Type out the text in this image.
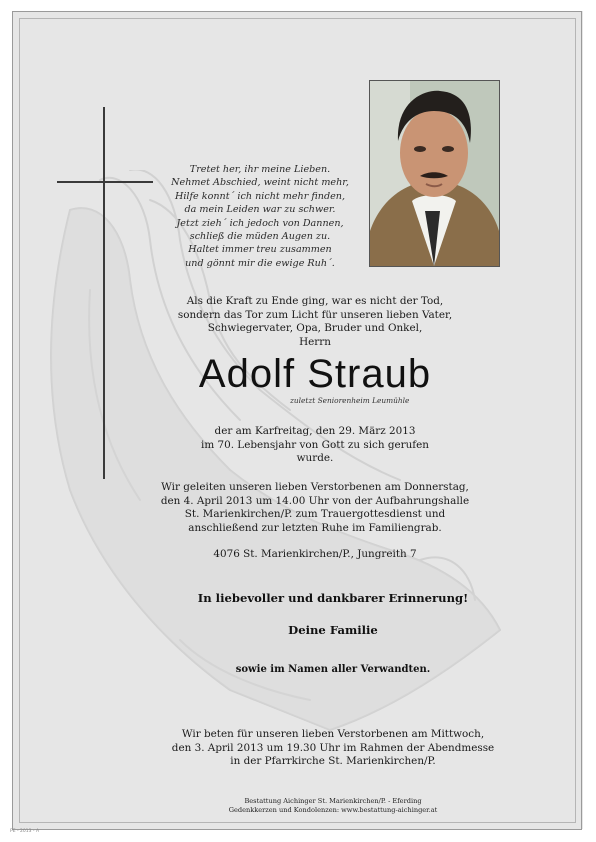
Tretet her, ihr meine Lieben.
Nehmet Abschied, weint nicht mehr,
Hilfe konnt´ ich nicht mehr finden,
da mein Leiden war zu schwer.
Jetzt zieh´ ich jedoch von Dannen,
schließ die müden Augen zu.
Haltet immer treu zusammen
und gönnt mir die ewige Ruh´.

Als die Kraft zu Ende ging, war es nicht der Tod,
sondern das Tor zum Licht für unseren lieben Vater,
Schwiegervater, Opa, Bruder und Onkel,
Herrn

Adolf Straub
zuletzt Seniorenheim Leumühle

der am Karfreitag, den 29. März 2013
im 70. Lebensjahr von Gott zu sich gerufen
wurde.

Wir geleiten unseren lieben Verstorbenen am Donnerstag,
den 4. April 2013 um 14.00 Uhr von der Aufbahrungshalle
St. Marienkirchen/P. zum Trauergottesdienst und
anschließend zur letzten Ruhe im Familiengrab.

4076 St. Marienkirchen/P., Jungreith 7

In liebevoller und dankbarer Erinnerung!

Deine Familie

sowie im Namen aller Verwandten.

Wir beten für unseren lieben Verstorbenen am Mittwoch,
den 3. April 2013 um 19.30 Uhr im Rahmen der Abendmesse
in der Pfarrkirche St. Marienkirchen/P.

Bestattung Aichinger St. Marienkirchen/P. - Eferding
Gedenkkerzen und Kondolenzen: www.bestattung-aichinger.at

PE - 2013 - A
